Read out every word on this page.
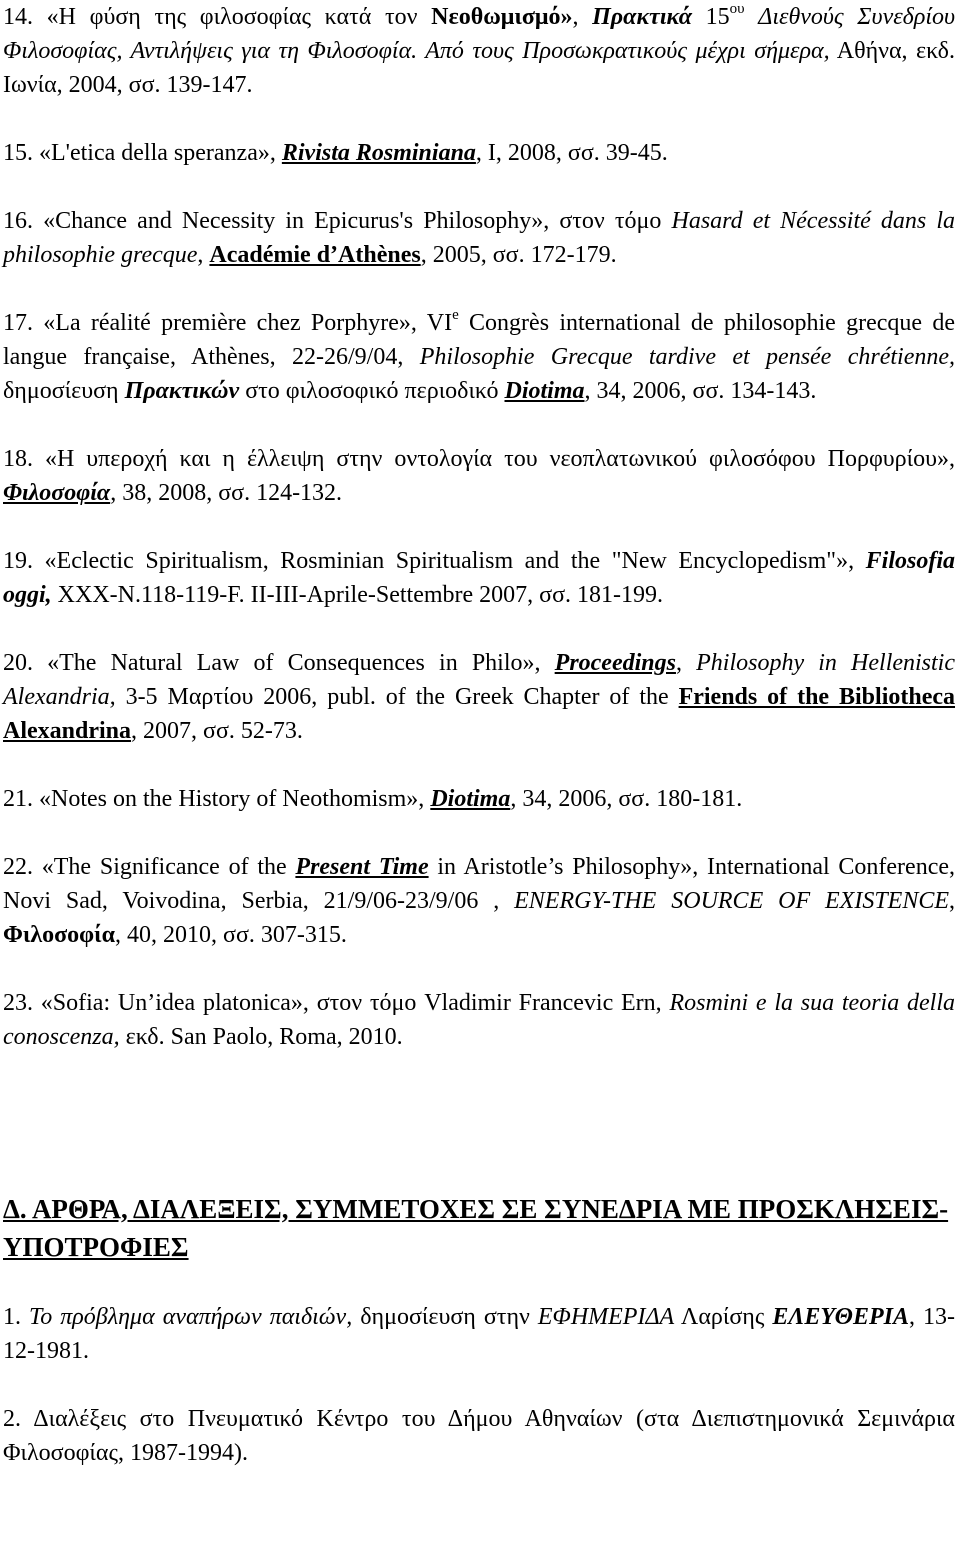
14. «Η φύση της φιλοσοφίας κατά τον Νεοθωμισμό», Πρακτικά $15^{o\upsilon}$ Διεθνούς Συνεδρίου Φιλοσοφίας, Αντιλήψεις για τη Φιλοσοφία. Από τους Προσωκρατικούς μέχρι σήμερα, Αθήνα, εκδ. Ιωνία, 2004, σσ. 139-147.

15. «L'etica della speranza», Rivista Rosminiana, I, 2008, σσ. 39-45.

16. «Chance and Necessity in Epicurus's Philosophy», στον τόμο Hasard et Nécessité dans la philosophie grecque, Académie d’Athènes, 2005, σσ. 172-179.

17. «La réalité première chez Porphyre», VIe Congrès international de philosophie grecque de langue française, Athènes, 22-26/9/04, Philosophie Grecque tardive et pensée chrétienne, δημοσίευση Πρακτικών στο φιλοσοφικό περιοδικό Diotima, 34, 2006, σσ. 134-143.

18. «Η υπεροχή και η έλλειψη στην οντολογία του νεοπλατωνικού φιλοσόφου Πορφυρίου», Φιλοσοφία, 38, 2008, σσ. 124-132.

19. «Eclectic Spiritualism, Rosminian Spiritualism and the "New Encyclopedism"», Filosofia oggi, XXX-N.118-119-F. II-III-Aprile-Settembre 2007, σσ. 181-199.

20. «The Natural Law of Consequences in Philo», Proceedings, Philosophy in Hellenistic Alexandria, 3-5 Μαρτίου 2006, publ. of the Greek Chapter of the Friends of the Bibliotheca Alexandrina, 2007, σσ. 52-73.

21. «Notes on the History of Neothomism», Diotima, 34, 2006, σσ. 180-181.

22. «The Significance of the Present Time in Aristotle’s Philosophy», International Conference, Novi Sad, Voivodina, Serbia, 21/9/06-23/9/06 , ENERGY-THE SOURCE OF EXISTENCE, Φιλοσοφία, 40, 2010, σσ. 307-315.

23. «Sofia: Un’idea platonica», στον τόμο Vladimir Francevic Ern, Rosmini e la sua teoria della conoscenza, εκδ. San Paolo, Roma, 2010.

Δ. ΑΡΘΡΑ, ΔΙΑΛΕΞΕΙΣ, ΣΥΜΜΕΤΟΧΕΣ ΣΕ ΣΥΝΕΔΡΙΑ ΜΕ ΠΡΟΣΚΛΗΣΕΙΣ-ΥΠΟΤΡΟΦΙΕΣ

1. Το πρόβλημα αναπήρων παιδιών, δημοσίευση στην ΕΦΗΜΕΡΙΔΑ Λαρίσης ΕΛΕΥΘΕΡΙΑ, 13-12-1981.

2. Διαλέξεις στο Πνευματικό Κέντρο του Δήμου Αθηναίων (στα Διεπιστημονικά Σεμινάρια Φιλοσοφίας, 1987-1994).
